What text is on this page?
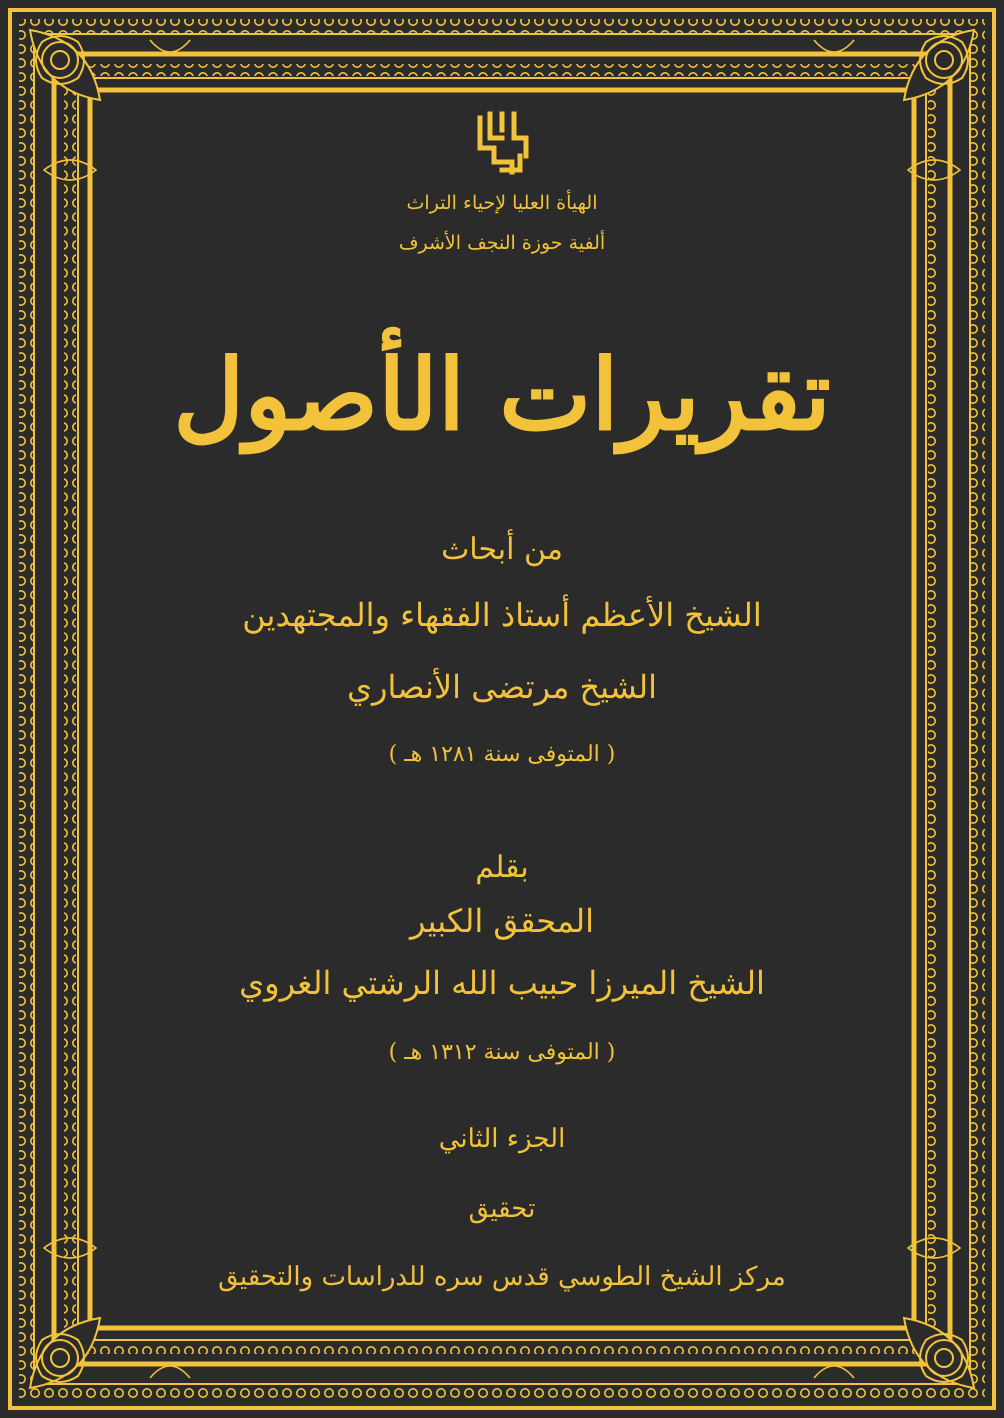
الهيأة العليا لإحياء التراث
ألفية حوزة النجف الأشرف
تقريرات الأصول
من أبحاث
الشيخ الأعظم أستاذ الفقهاء والمجتهدين
الشيخ مرتضى الأنصاري
( المتوفى سنة ١٢٨١ هـ )
بقلم
المحقق الكبير
الشيخ الميرزا حبيب الله الرشتي الغروي
( المتوفى سنة ١٣١٢ هـ )
الجزء الثاني
تحقيق
مركز الشيخ الطوسي قدس سره للدراسات والتحقيق
